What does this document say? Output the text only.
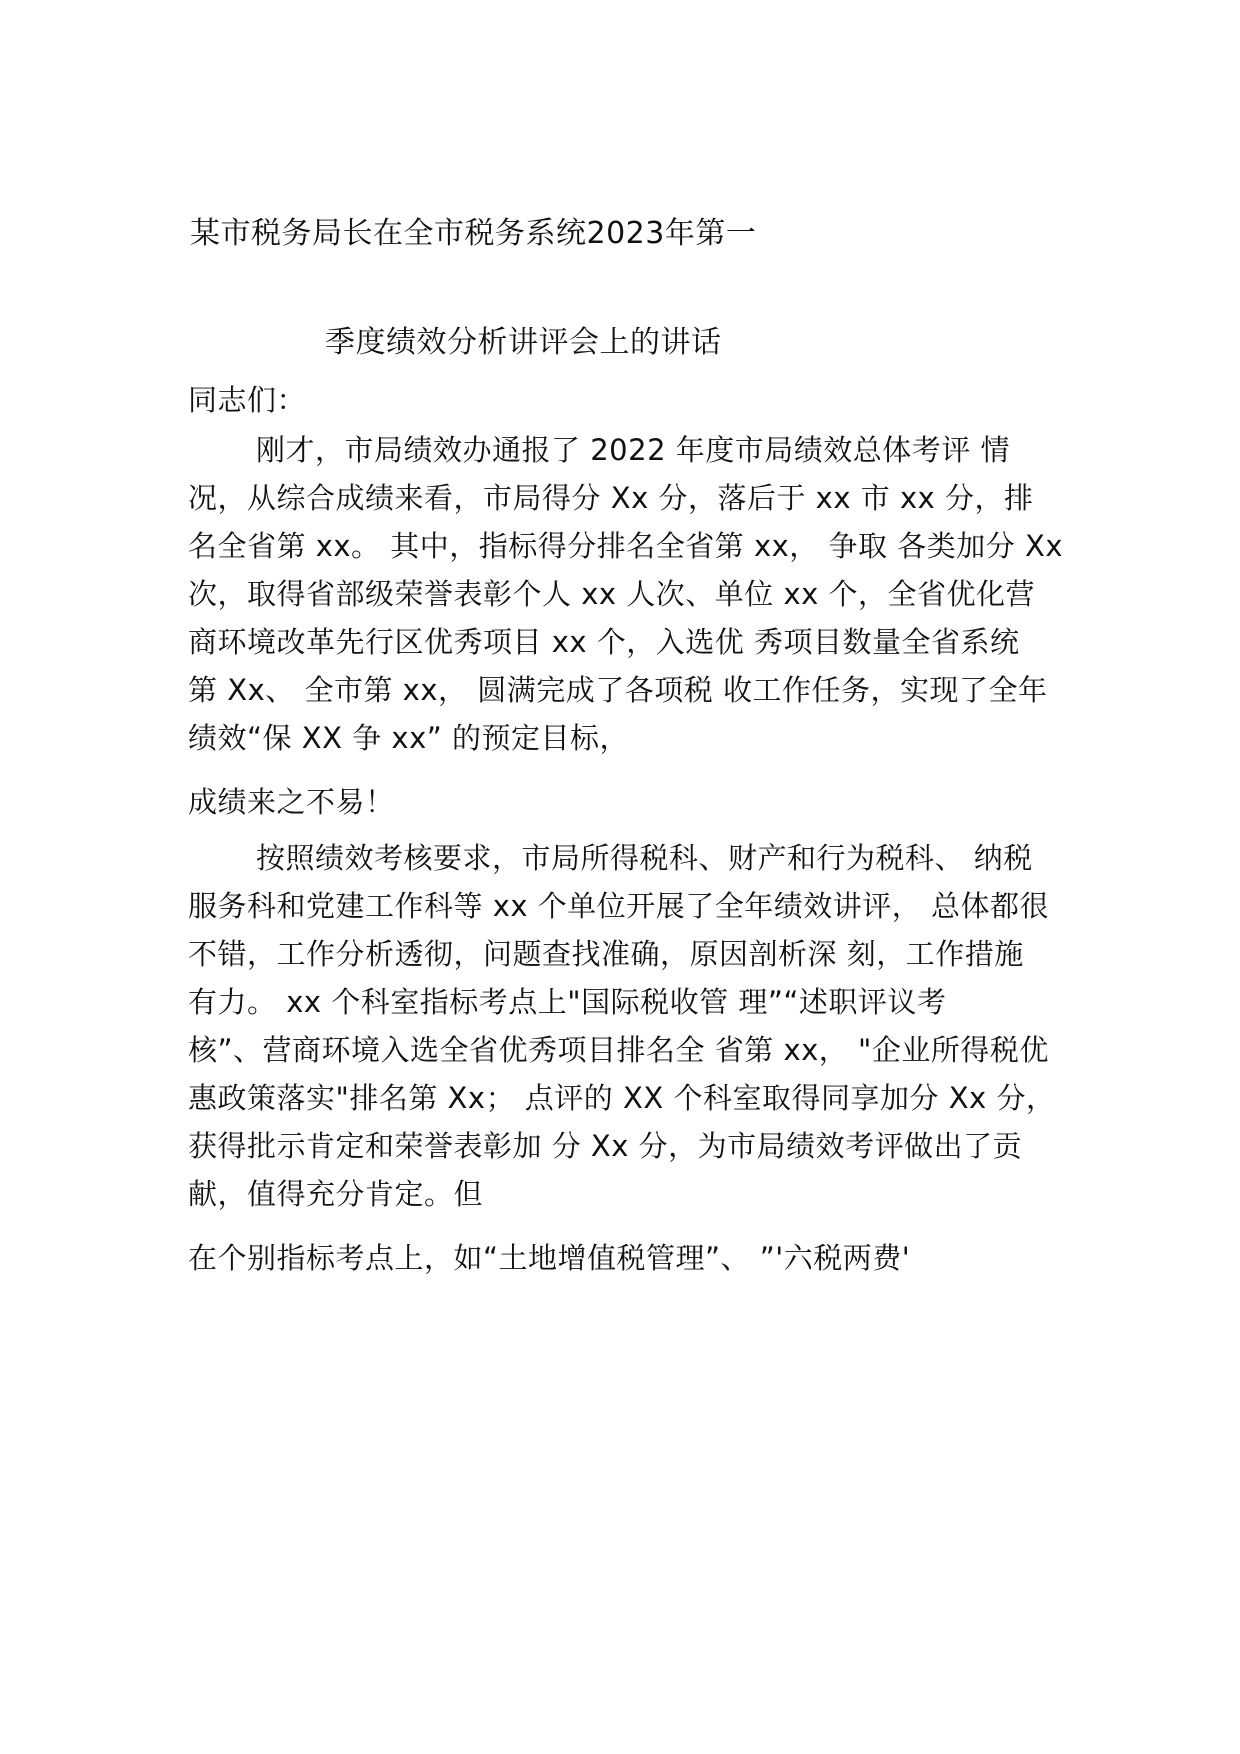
某市税务局长在全市税务系统2023年第一
季度绩效分析讲评会上的讲话
同志们：
刚才，市局绩效办通报了 2022 年度市局绩效总体考评 情
况，从综合成绩来看，市局得分 Xx 分，落后于 xx 市 xx 分，排
名全省第 xx。 其中，指标得分排名全省第 xx， 争取 各类加分 Xx
次，取得省部级荣誉表彰个人 xx 人次、单位 xx 个，全省优化营
商环境改革先行区优秀项目 xx 个，入选优 秀项目数量全省系统
第 Xx、 全市第 xx， 圆满完成了各项税 收工作任务，实现了全年
绩效“保 XX 争 xx” 的预定目标，
成绩来之不易！
按照绩效考核要求，市局所得税科、财产和行为税科、 纳税
服务科和党建工作科等 xx 个单位开展了全年绩效讲评， 总体都很
不错，工作分析透彻，问题查找准确，原因剖析深 刻，工作措施
有力。 xx 个科室指标考点上"国际税收管 理”“述职评议考
核”、营商环境入选全省优秀项目排名全 省第 xx， "企业所得税优
惠政策落实"排名第 Xx； 点评的 XX 个科室取得同享加分 Xx 分，
获得批示肯定和荣誉表彰加 分 Xx 分，为市局绩效考评做出了贡
献，值得充分肯定。但
在个别指标考点上，如“土地增值税管理”、 ”'六税两费'
